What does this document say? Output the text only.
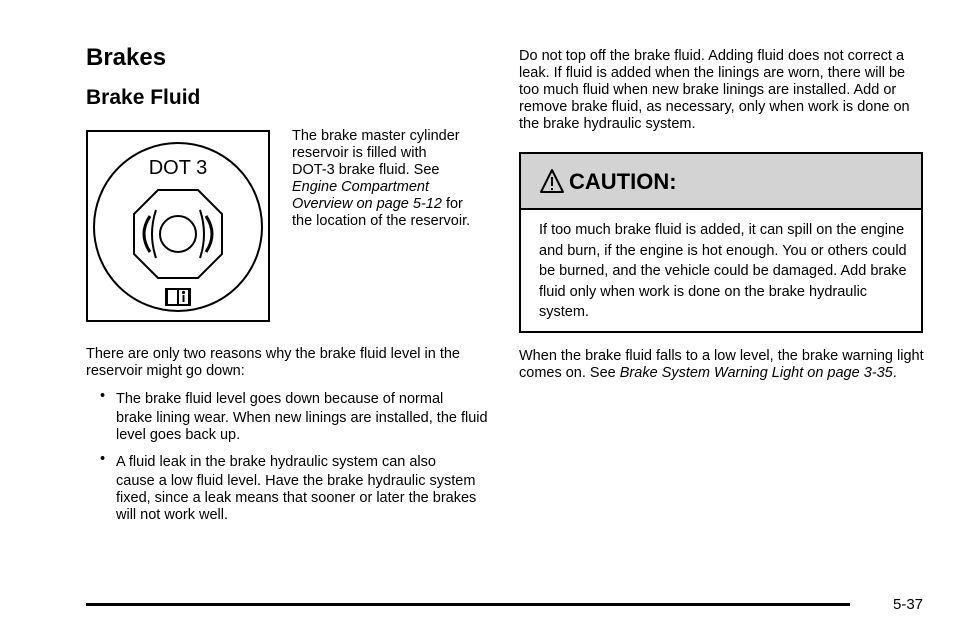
Brakes
Brake Fluid
DOT 3
The brake master cylinder
reservoir is filled with
DOT-3 brake fluid. See
Engine Compartment
Overview on page 5-12 for
the location of the reservoir.
There are only two reasons why the brake fluid level in the reservoir might go down:
• The brake fluid level goes down because of normal
brake lining wear. When new linings are installed, the fluid level goes back up.
• A fluid leak in the brake hydraulic system can also
cause a low fluid level. Have the brake hydraulic system fixed, since a leak means that sooner or later the brakes will not work well.
Do not top off the brake fluid. Adding fluid does not correct a leak. If fluid is added when the linings are worn, there will be too much fluid when new brake linings are installed. Add or remove brake fluid, as necessary, only when work is done on the brake hydraulic system.
CAUTION:
If too much brake fluid is added, it can spill on the engine and burn, if the engine is hot enough. You or others could be burned, and the vehicle could be damaged. Add brake fluid only when work is done on the brake hydraulic system.
When the brake fluid falls to a low level, the brake warning light comes on. See Brake System Warning Light on page 3-35.
5-37
